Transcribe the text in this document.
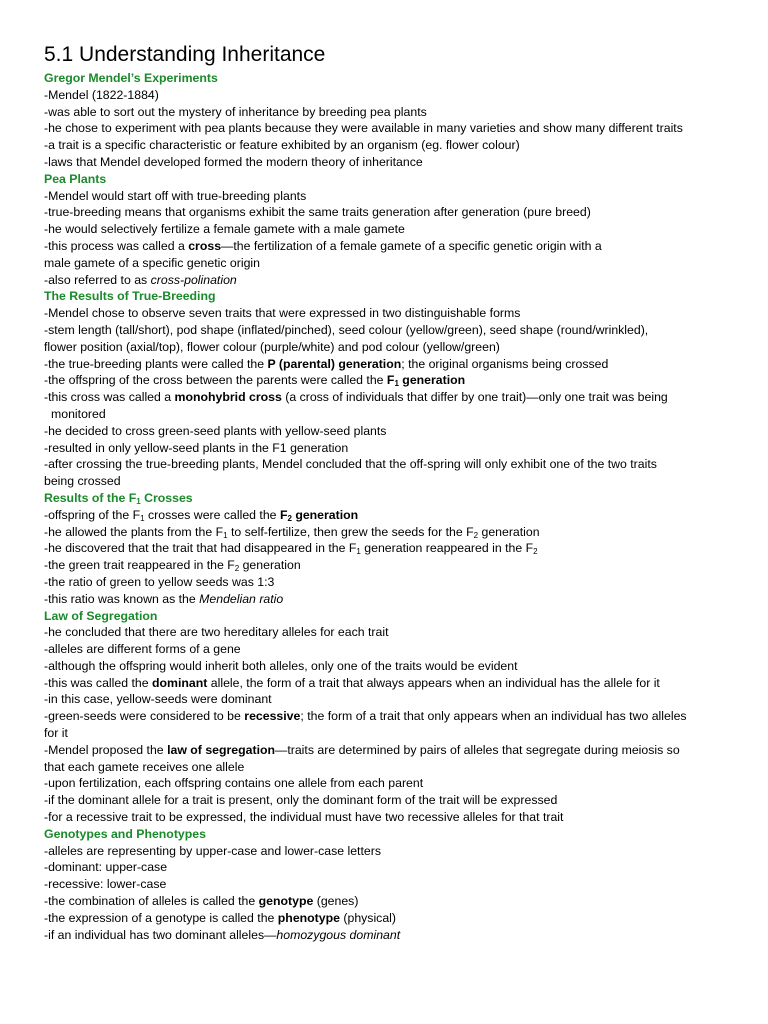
5.1 Understanding Inheritance

Gregor Mendel’s Experiments

-Mendel (1822-1884)

-was able to sort out the mystery of inheritance by breeding pea plants

-he chose to experiment with pea plants because they were available in many varieties and show many different traits

-a trait is a specific characteristic or feature exhibited by an organism (eg. flower colour)

-laws that Mendel developed formed the modern theory of inheritance

Pea Plants

-Mendel would start off with true-breeding plants

-true-breeding means that organisms exhibit the same traits generation after generation (pure breed)

-he would selectively fertilize a female gamete with a male gamete

-this process was called a cross—the fertilization of a female gamete of a specific genetic origin with a

male gamete of a specific genetic origin

-also referred to as cross-polination

The Results of True-Breeding

-Mendel chose to observe seven traits that were expressed in two distinguishable forms

-stem length (tall/short), pod shape (inflated/pinched), seed colour (yellow/green), seed shape (round/wrinkled),

flower position (axial/top), flower colour (purple/white) and pod colour (yellow/green)

-the true-breeding plants were called the P (parental) generation; the original organisms being crossed

-the offspring of the cross between the parents were called the $F_1$ generation

-this cross was called a monohybrid cross (a cross of individuals that differ by one trait)—only one trait was being

monitored

-he decided to cross green-seed plants with yellow-seed plants

-resulted in only yellow-seed plants in the F1 generation

-after crossing the true-breeding plants, Mendel concluded that the off-spring will only exhibit one of the two traits

being crossed

Results of the $F_1$ Crosses

-offspring of the $F_1$ crosses were called the $F_2$ generation

-he allowed the plants from the $F_1$ to self-fertilize, then grew the seeds for the $F_2$ generation

-he discovered that the trait that had disappeared in the $F_1$ generation reappeared in the $F_2$

-the green trait reappeared in the $F_2$ generation

-the ratio of green to yellow seeds was 1:3

-this ratio was known as the Mendelian ratio

Law of Segregation

-he concluded that there are two hereditary alleles for each trait

-alleles are different forms of a gene

-although the offspring would inherit both alleles, only one of the traits would be evident

-this was called the dominant allele, the form of a trait that always appears when an individual has the allele for it

-in this case, yellow-seeds were dominant

-green-seeds were considered to be recessive; the form of a trait that only appears when an individual has two alleles

for it

-Mendel proposed the law of segregation—traits are determined by pairs of alleles that segregate during meiosis so

that each gamete receives one allele

-upon fertilization, each offspring contains one allele from each parent

-if the dominant allele for a trait is present, only the dominant form of the trait will be expressed

-for a recessive trait to be expressed, the individual must have two recessive alleles for that trait

Genotypes and Phenotypes

-alleles are representing by upper-case and lower-case letters

-dominant: upper-case

-recessive: lower-case

-the combination of alleles is called the genotype (genes)

-the expression of a genotype is called the phenotype (physical)

-if an individual has two dominant alleles—homozygous dominant
